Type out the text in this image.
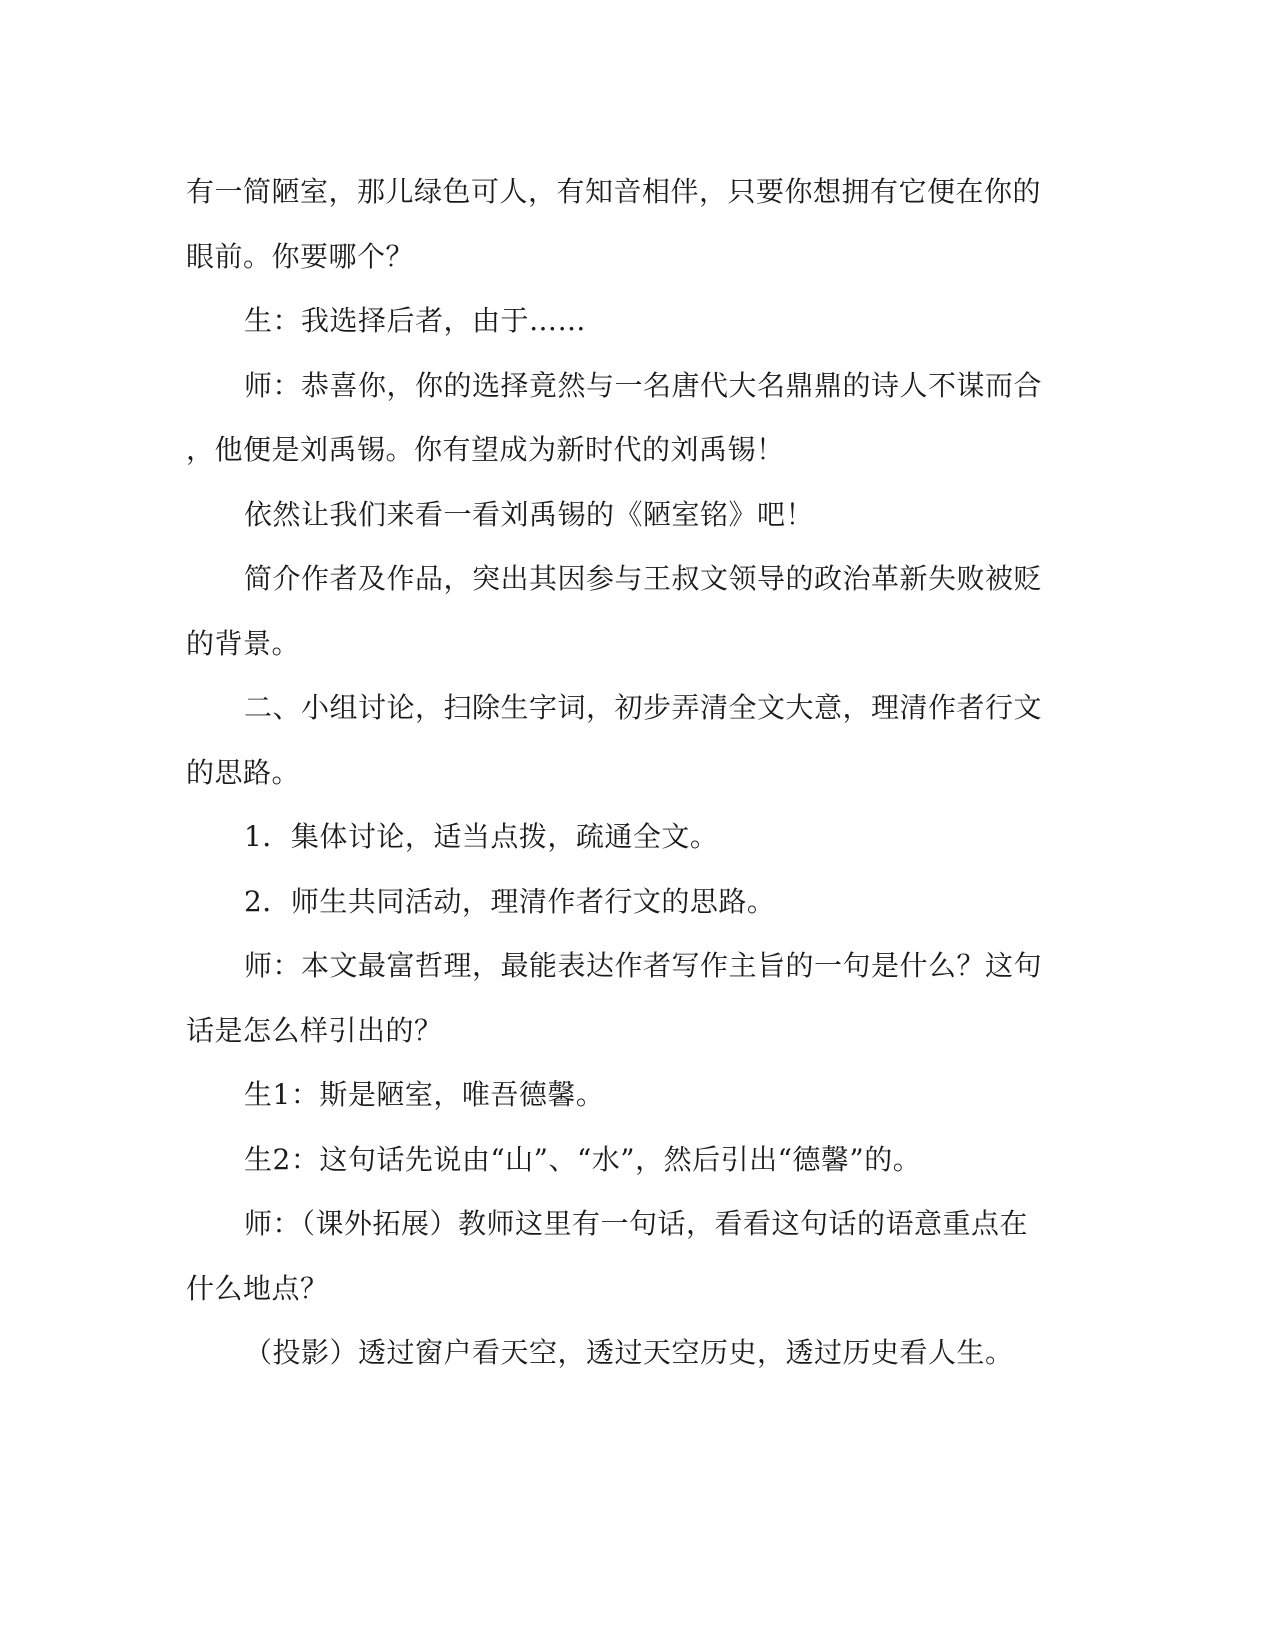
有一简陋室，那儿绿色可人，有知音相伴，只要你想拥有它便在你的
眼前。你要哪个？
生：我选择后者，由于……
师：恭喜你，你的选择竟然与一名唐代大名鼎鼎的诗人不谋而合
，他便是刘禹锡。你有望成为新时代的刘禹锡！
依然让我们来看一看刘禹锡的《陋室铭》吧！
简介作者及作品，突出其因参与王叔文领导的政治革新失败被贬
的背景。
二、小组讨论，扫除生字词，初步弄清全文大意，理清作者行文
的思路。
1．集体讨论，适当点拨，疏通全文。
2．师生共同活动，理清作者行文的思路。
师：本文最富哲理，最能表达作者写作主旨的一句是什么？这句
话是怎么样引出的？
生1：斯是陋室，唯吾德馨。
生2：这句话先说由“山”、“水”，然后引出“德馨”的。
师：（课外拓展）教师这里有一句话，看看这句话的语意重点在
什么地点？
（投影）透过窗户看天空，透过天空历史，透过历史看人生。
